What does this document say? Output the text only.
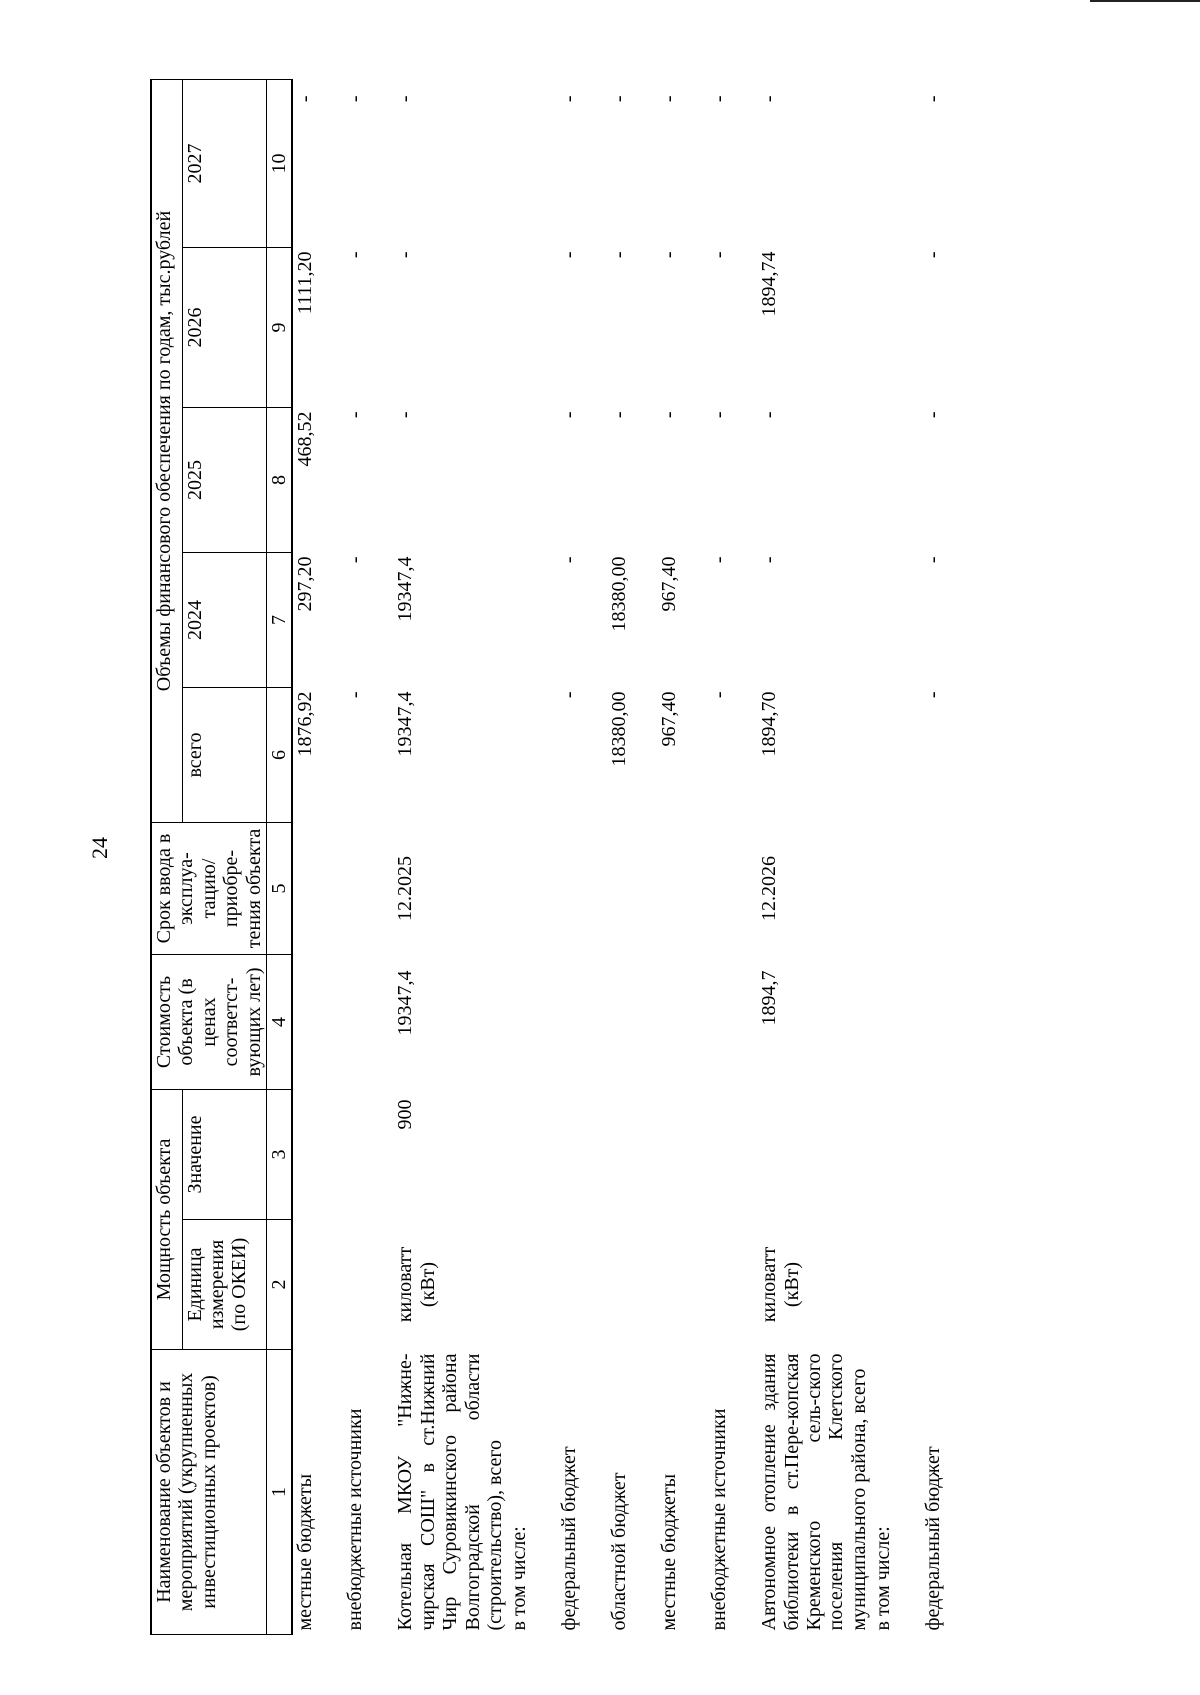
24
Наименование объектов и мероприятий (укрупненных инвестиционных проектов)	Мощность объекта		Стоимость объекта (в ценах соответст-вующих лет)	Срок ввода в эксплуа-тацию/ приобре-тения объекта	Объемы финансового обеспечения по годам, тыс.рублей				
	Единица измерения (по ОКЕИ)	Значение			всего	2024	2025	2026	2027
1	2	3	4	5	6	7	8	9	10
местные бюджеты					1876,92	297,20	468,52	1111,20	-
внебюджетные источники					-	-	-	-	-
Котельная МКОУ "Нижне-чирская СОШ" в ст.Нижний Чир Суровикинского района Волгоградской области (строительство), всего	киловатт (кВт)	900	19347,4	12.2025	19347,4	19347,4	-	-	-
в том числе:									
федеральный бюджет					-	-	-	-	-
областной бюджет					18380,00	18380,00	-	-	-
местные бюджеты					967,40	967,40	-	-	-
внебюджетные источники					-	-	-	-	-
Автономное отопление здания библиотеки в ст.Пере-копская Кременского сель-ского поселения Клетского муниципального района, всего	киловатт (кВт)		1894,7	12.2026	1894,70	-	-	1894,74	-
в том числе:									
федеральный бюджет					-	-	-	-	-
